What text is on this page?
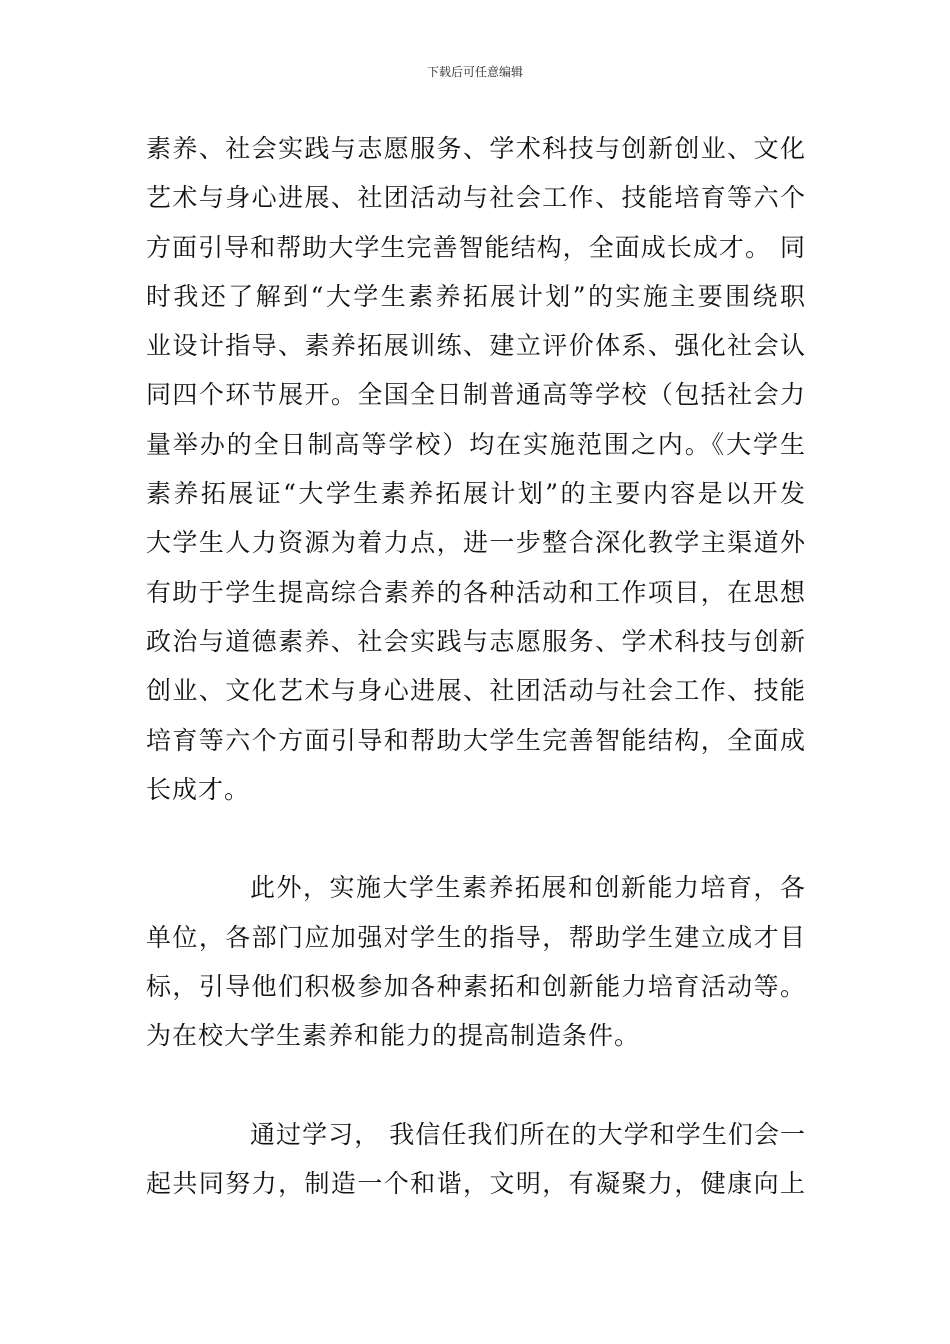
下载后可任意编辑
素养、社会实践与志愿服务、学术科技与创新创业、文化
艺术与身心进展、社团活动与社会工作、技能培育等六个
方面引导和帮助大学生完善智能结构，全面成长成才。 同
时我还了解到“大学生素养拓展计划”的实施主要围绕职
业设计指导、素养拓展训练、建立评价体系、强化社会认
同四个环节展开。全国全日制普通高等学校（包括社会力
量举办的全日制高等学校）均在实施范围之内。《大学生
素养拓展证“大学生素养拓展计划”的主要内容是以开发
大学生人力资源为着力点，进一步整合深化教学主渠道外
有助于学生提高综合素养的各种活动和工作项目，在思想
政治与道德素养、社会实践与志愿服务、学术科技与创新
创业、文化艺术与身心进展、社团活动与社会工作、技能
培育等六个方面引导和帮助大学生完善智能结构，全面成
长成才。
此外，实施大学生素养拓展和创新能力培育，各
单位，各部门应加强对学生的指导，帮助学生建立成才目
标，引导他们积极参加各种素拓和创新能力培育活动等。
为在校大学生素养和能力的提高制造条件。
通过学习， 我信任我们所在的大学和学生们会一
起共同努力，制造一个和谐，文明，有凝聚力，健康向上
